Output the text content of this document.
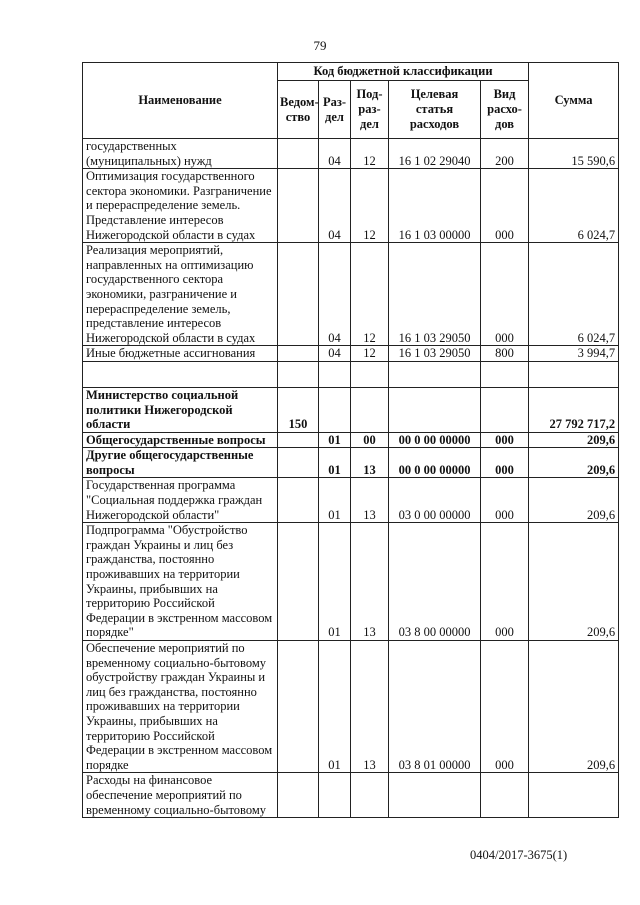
79
Наименование	Код бюджетной классификации					Сумма
	Ведом-ство	Раз-дел	Под-раз-дел	Целевая статья расходов	Вид расхо-дов	
государственных (муниципальных) нужд		04	12	16 1 02 29040	200	15 590,6
Оптимизация государственного сектора экономики. Разграничение и перераспределение земель. Представление интересов Нижегородской области в судах		04	12	16 1 03 00000	000	6 024,7
Реализация мероприятий, направленных на оптимизацию государственного сектора экономики, разграничение и перераспределение земель, представление интересов Нижегородской области в судах		04	12	16 1 03 29050	000	6 024,7
Иные бюджетные ассигнования		04	12	16 1 03 29050	800	3 994,7

Министерство социальной политики Нижегородской области	150					27 792 717,2
Общегосударственные вопросы		01	00	00 0 00 00000	000	209,6
Другие общегосударственные вопросы		01	13	00 0 00 00000	000	209,6
Государственная программа "Социальная поддержка граждан Нижегородской области"		01	13	03 0 00 00000	000	209,6
Подпрограмма "Обустройство граждан Украины и лиц без гражданства, постоянно проживавших на территории Украины, прибывших на территорию Российской Федерации в экстренном массовом порядке"		01	13	03 8 00 00000	000	209,6
Обеспечение мероприятий по временному социально-бытовому обустройству граждан Украины и лиц без гражданства, постоянно проживавших на территории Украины, прибывших на территорию Российской Федерации в экстренном массовом порядке		01	13	03 8 01 00000	000	209,6
Расходы на финансовое обеспечение мероприятий по временному социально-бытовому						
0404/2017-3675(1)
